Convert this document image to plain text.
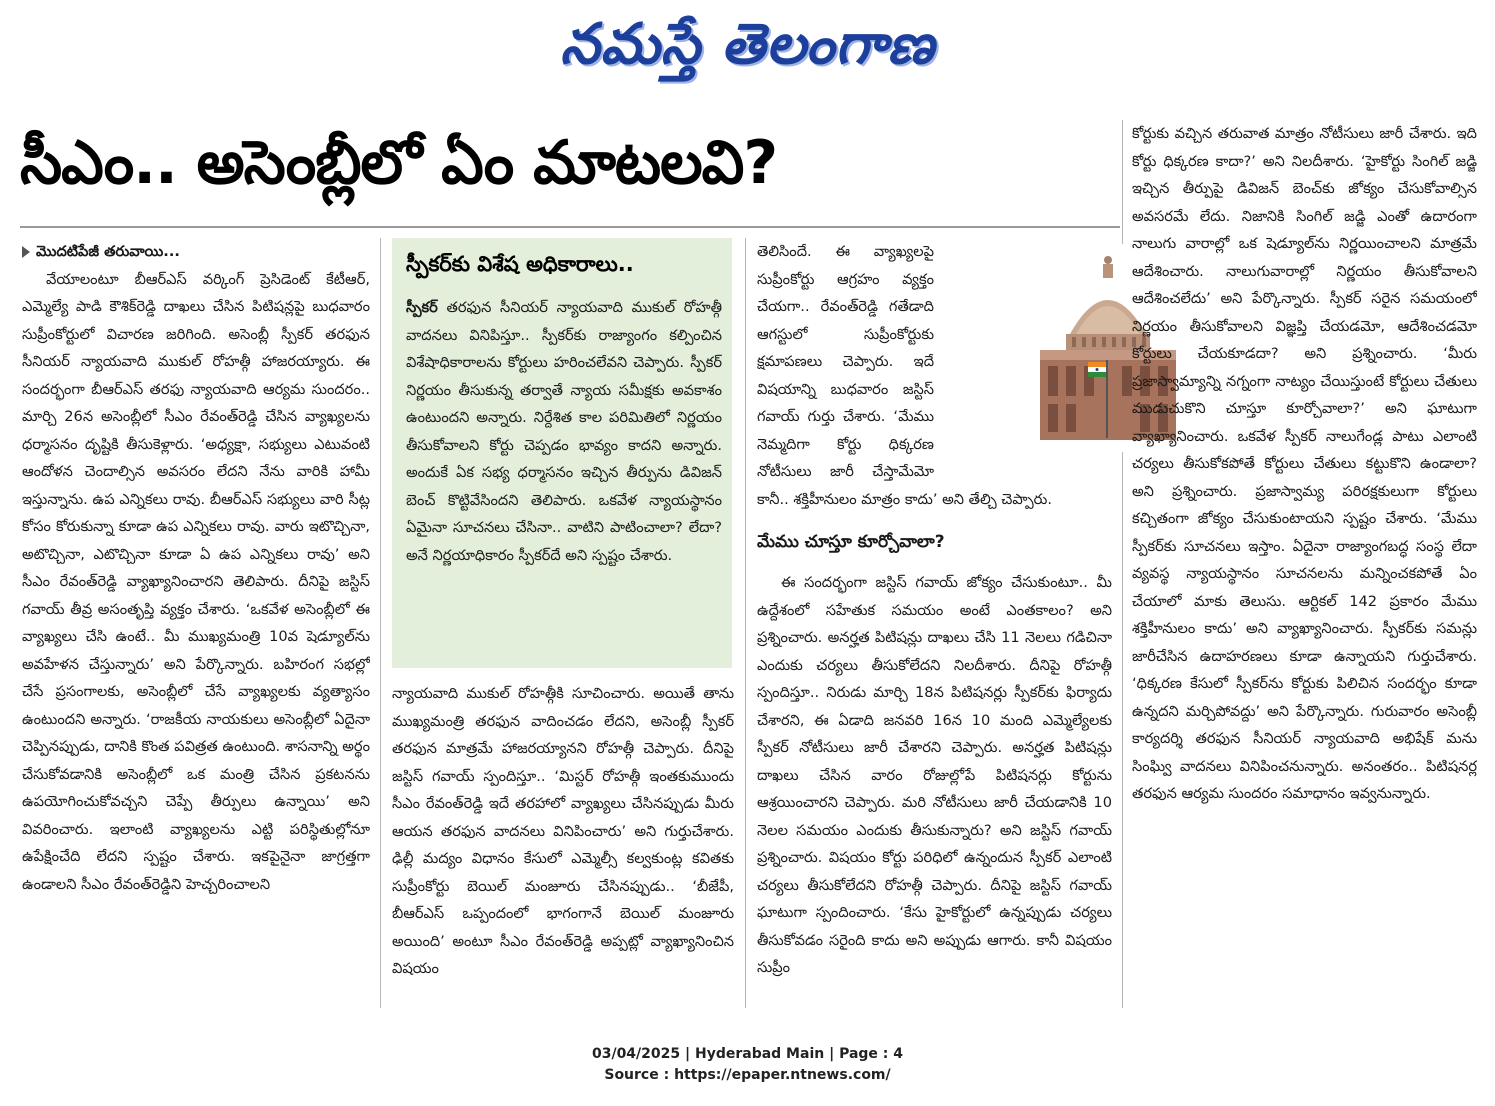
నమస్తే తెలంగాణ
సీఎం.. అసెంబ్లీలో ఏం మాటలవి?
మొదటిపేజీ తరువాయి...

వేయాలంటూ బీఆర్ఎస్ వర్కింగ్ ప్రెసిడెంట్ కేటీఆర్, ఎమ్మెల్యే పాడి కౌశిక్‌రెడ్డి దాఖలు చేసిన పిటిషన్లపై బుధవారం సుప్రీంకోర్టులో విచారణ జరిగింది. అసెంబ్లీ స్పీకర్ తరఫున సీనియర్ న్యాయవాది ముకుల్ రోహత్గీ హాజరయ్యారు. ఈ సందర్భంగా బీఆర్ఎస్ తరఫు న్యాయవాది ఆర్యమ సుందరం.. మార్చి 26న అసెంబ్లీలో సీఎం రేవంత్‌రెడ్డి చేసిన వ్యాఖ్యలను ధర్మాసనం దృష్టికి తీసుకెళ్లారు. ‘అధ్యక్షా, సభ్యులు ఎటువంటి ఆందోళన చెందాల్సిన అవసరం లేదని నేను వారికి హామీ ఇస్తున్నాను. ఉప ఎన్నికలు రావు. బీఆర్ఎస్ సభ్యులు వారి సీట్ల కోసం కోరుకున్నా కూడా ఉప ఎన్నికలు రావు. వారు ఇటొచ్చినా, అటొచ్చినా, ఎటొచ్చినా కూడా ఏ ఉప ఎన్నికలు రావు’ అని సీఎం రేవంత్‌రెడ్డి వ్యాఖ్యానించారని తెలిపారు. దీనిపై జస్టిస్ గవాయ్ తీవ్ర అసంతృప్తి వ్యక్తం చేశారు. ‘ఒకవేళ అసెంబ్లీలో ఈ వ్యాఖ్యలు చేసి ఉంటే.. మీ ముఖ్యమంత్రి 10వ షెడ్యూల్‌ను అవహేళన చేస్తున్నారు’ అని పేర్కొన్నారు. బహిరంగ సభల్లో చేసే ప్రసంగాలకు, అసెంబ్లీలో చేసే వ్యాఖ్యలకు వ్యత్యాసం ఉంటుందని అన్నారు. ‘రాజకీయ నాయకులు అసెంబ్లీలో ఏదైనా చెప్పినప్పుడు, దానికి కొంత పవిత్రత ఉంటుంది. శాసనాన్ని అర్థం చేసుకోవడానికి అసెంబ్లీలో ఒక మంత్రి చేసిన ప్రకటనను ఉపయోగించుకోవచ్చని చెప్పే తీర్పులు ఉన్నాయి’ అని వివరించారు. ఇలాంటి వ్యాఖ్యలను ఎట్టి పరిస్థితుల్లోనూ ఉపేక్షించేది లేదని స్పష్టం చేశారు. ఇకపైనైనా జాగ్రత్తగా ఉండాలని సీఎం రేవంత్‌రెడ్డిని హెచ్చరించాలని

స్పీకర్‌కు విశేష అధికారాలు..

స్పీకర్ తరఫున సీనియర్ న్యాయవాది ముకుల్ రోహత్గీ వాదనలు వినిపిస్తూ.. స్పీకర్‌కు రాజ్యాంగం కల్పించిన విశేషాధికారాలను కోర్టులు హరించలేవని చెప్పారు. స్పీకర్ నిర్ణయం తీసుకున్న తర్వాతే న్యాయ సమీక్షకు అవకాశం ఉంటుందని అన్నారు. నిర్దేశిత కాల పరిమితిలో నిర్ణయం తీసుకోవాలని కోర్టు చెప్పడం భావ్యం కాదని అన్నారు. అందుకే ఏక సభ్య ధర్మాసనం ఇచ్చిన తీర్పును డివిజన్ బెంచ్ కొట్టివేసిందని తెలిపారు. ఒకవేళ న్యాయస్థానం ఏమైనా సూచనలు చేసినా.. వాటిని పాటించాలా? లేదా? అనే నిర్ణయాధికారం స్పీకర్‌దే అని స్పష్టం చేశారు.

న్యాయవాది ముకుల్ రోహత్గీకి సూచించారు. అయితే తాను ముఖ్యమంత్రి తరఫున వాదించడం లేదని, అసెంబ్లీ స్పీకర్ తరఫున మాత్రమే హాజరయ్యానని రోహత్గీ చెప్పారు. దీనిపై జస్టిస్ గవాయ్ స్పందిస్తూ.. ‘మిస్టర్ రోహత్గీ ఇంతకుముందు సీఎం రేవంత్‌రెడ్డి ఇదే తరహాలో వ్యాఖ్యలు చేసినప్పుడు మీరు ఆయన తరఫున వాదనలు వినిపించారు’ అని గుర్తుచేశారు. ఢిల్లీ మద్యం విధానం కేసులో ఎమ్మెల్సీ కల్వకుంట్ల కవితకు సుప్రీంకోర్టు బెయిల్ మంజూరు చేసినప్పుడు.. ‘బీజేపీ, బీఆర్ఎస్ ఒప్పందంలో భాగంగానే బెయిల్ మంజూరు అయింది’ అంటూ సీఎం రేవంత్‌రెడ్డి అప్పట్లో వ్యాఖ్యానించిన విషయం

తెలిసిందే. ఈ వ్యాఖ్యలపై సుప్రీంకోర్టు ఆగ్రహం వ్యక్తం చేయగా.. రేవంత్‌రెడ్డి గతేడాది ఆగస్టులో సుప్రీంకోర్టుకు క్షమాపణలు చెప్పారు. ఇదే విషయాన్ని బుధవారం జస్టిస్ గవాయ్ గుర్తు చేశారు. ‘మేము నెమ్మదిగా కోర్టు ధిక్కరణ నోటీసులు జారీ చేస్తామేమో కానీ.. శక్తిహీనులం మాత్రం కాదు’ అని తేల్చి చెప్పారు.

మేము చూస్తూ కూర్చోవాలా?

ఈ సందర్భంగా జస్టిస్ గవాయ్ జోక్యం చేసుకుంటూ.. మీ ఉద్దేశంలో సహేతుక సమయం అంటే ఎంతకాలం? అని ప్రశ్నించారు. అనర్హత పిటిషన్లు దాఖలు చేసి 11 నెలలు గడిచినా ఎందుకు చర్యలు తీసుకోలేదని నిలదీశారు. దీనిపై రోహత్గీ స్పందిస్తూ.. నిరుడు మార్చి 18న పిటిషనర్లు స్పీకర్‌కు ఫిర్యాదు చేశారని, ఈ ఏడాది జనవరి 16న 10 మంది ఎమ్మెల్యేలకు స్పీకర్ నోటీసులు జారీ చేశారని చెప్పారు. అనర్హత పిటిషన్లు దాఖలు చేసిన వారం రోజుల్లోపే పిటిషనర్లు కోర్టును ఆశ్రయించారని చెప్పారు. మరి నోటీసులు జారీ చేయడానికి 10 నెలల సమయం ఎందుకు తీసుకున్నారు? అని జస్టిస్ గవాయ్ ప్రశ్నించారు. విషయం కోర్టు పరిధిలో ఉన్నందున స్పీకర్ ఎలాంటి చర్యలు తీసుకోలేదని రోహత్గీ చెప్పారు. దీనిపై జస్టిస్ గవాయ్ ఘాటుగా స్పందించారు. ‘కేసు హైకోర్టులో ఉన్నప్పుడు చర్యలు తీసుకోవడం సరైంది కాదు అని అప్పుడు ఆగారు. కానీ విషయం సుప్రీం

కోర్టుకు వచ్చిన తరువాత మాత్రం నోటీసులు జారీ చేశారు. ఇది కోర్టు ధిక్కరణ కాదా?’ అని నిలదీశారు. ‘హైకోర్టు సింగిల్ జడ్జి ఇచ్చిన తీర్పుపై డివిజన్ బెంచ్‌కు జోక్యం చేసుకోవాల్సిన అవసరమే లేదు. నిజానికి సింగిల్ జడ్జి ఎంతో ఉదారంగా నాలుగు వారాల్లో ఒక షెడ్యూల్‌ను నిర్ణయించాలని మాత్రమే ఆదేశించారు. నాలుగువారాల్లో నిర్ణయం తీసుకోవాలని ఆదేశించలేదు’ అని పేర్కొన్నారు. స్పీకర్ సరైన సమయంలో నిర్ణయం తీసుకోవాలని విజ్ఞప్తి చేయడమో, ఆదేశించడమో కోర్టులు చేయకూడదా? అని ప్రశ్నించారు. ‘మీరు ప్రజాస్వామ్యాన్ని నగ్నంగా నాట్యం చేయిస్తుంటే కోర్టులు చేతులు ముడుచుకొని చూస్తూ కూర్చోవాలా?’ అని ఘాటుగా వ్యాఖ్యానించారు. ఒకవేళ స్పీకర్ నాలుగేండ్ల పాటు ఎలాంటి చర్యలు తీసుకోకపోతే కోర్టులు చేతులు కట్టుకొని ఉండాలా? అని ప్రశ్నించారు. ప్రజాస్వామ్య పరిరక్షకులుగా కోర్టులు కచ్చితంగా జోక్యం చేసుకుంటాయని స్పష్టం చేశారు. ‘మేము స్పీకర్‌కు సూచనలు ఇస్తాం. ఏదైనా రాజ్యాంగబద్ధ సంస్థ లేదా వ్యవస్థ న్యాయస్థానం సూచనలను మన్నించకపోతే ఏం చేయాలో మాకు తెలుసు. ఆర్టికల్ 142 ప్రకారం మేము శక్తిహీనులం కాదు’ అని వ్యాఖ్యానించారు. స్పీకర్‌కు సమన్లు జారీచేసిన ఉదాహరణలు కూడా ఉన్నాయని గుర్తుచేశారు. ‘ధిక్కరణ కేసులో స్పీకర్‌ను కోర్టుకు పిలిచిన సందర్భం కూడా ఉన్నదని మర్చిపోవద్దు’ అని పేర్కొన్నారు. గురువారం అసెంబ్లీ కార్యదర్శి తరఫున సీనియర్ న్యాయవాది అభిషేక్ మను సింఘ్వి వాదనలు వినిపించనున్నారు. అనంతరం.. పిటిషనర్ల తరఫున ఆర్యమ సుందరం సమాధానం ఇవ్వనున్నారు.

03/04/2025 | Hyderabad Main | Page : 4
Source : https://epaper.ntnews.com/
